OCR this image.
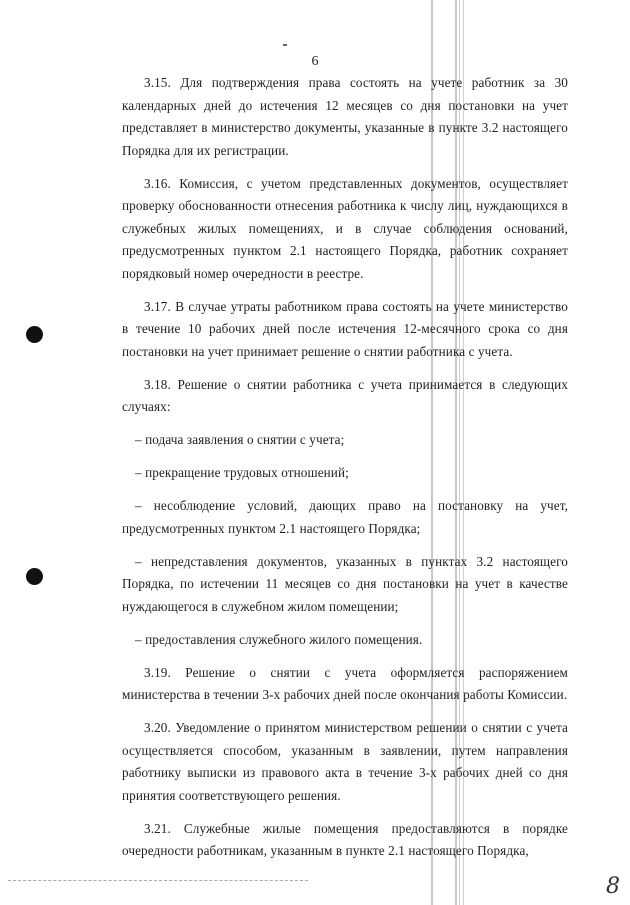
6

3.15. Для подтверждения права состоять на учете работник за 30 календарных дней до истечения 12 месяцев со дня постановки на учет представляет в министерство документы, указанные в пункте 3.2 настоящего Порядка для их регистрации.

3.16. Комиссия, с учетом представленных документов, осуществляет проверку обоснованности отнесения работника к числу лиц, нуждающихся в служебных жилых помещениях, и в случае соблюдения оснований, предусмотренных пунктом 2.1 настоящего Порядка, работник сохраняет порядковый номер очередности в реестре.

3.17. В случае утраты работником права состоять на учете министерство в течение 10 рабочих дней после истечения 12-месячного срока со дня постановки на учет принимает решение о снятии работника с учета.

3.18. Решение о снятии работника с учета принимается в следующих случаях:

– подача заявления о снятии с учета;

– прекращение трудовых отношений;

– несоблюдение условий, дающих право на постановку на учет, предусмотренных пунктом 2.1 настоящего Порядка;

– непредставления документов, указанных в пунктах 3.2 настоящего Порядка, по истечении 11 месяцев со дня постановки на учет в качестве нуждающегося в служебном жилом помещении;

– предоставления служебного жилого помещения.

3.19. Решение о снятии с учета оформляется распоряжением министерства в течении 3-х рабочих дней после окончания работы Комиссии.

3.20. Уведомление о принятом министерством решении о снятии с учета осуществляется способом, указанным в заявлении, путем направления работнику выписки из правового акта в течение 3-х рабочих дней со дня принятия соответствующего решения.

3.21. Служебные жилые помещения предоставляются в порядке очередности работникам, указанным в пункте 2.1 настоящего Порядка,

8
